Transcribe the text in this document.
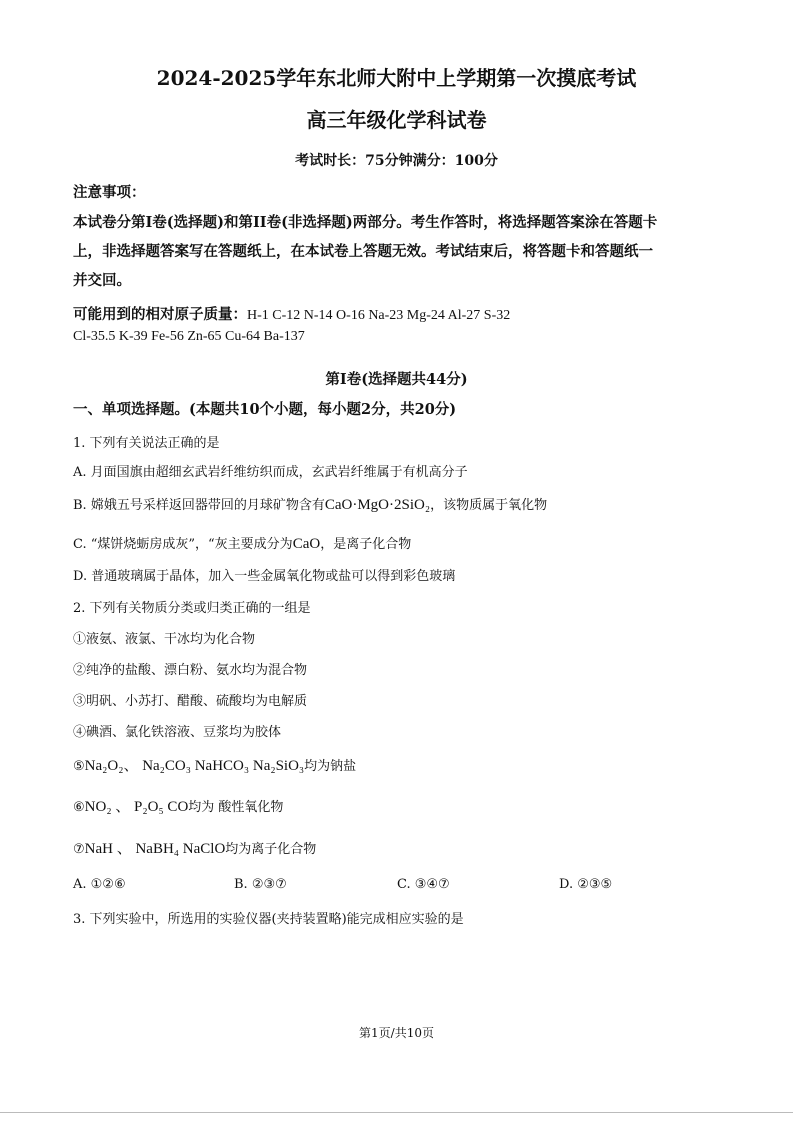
2024-2025学年东北师大附中上学期第一次摸底考试
高三年级化学科试卷
考试时长：75分钟满分：100分
注意事项：
本试卷分第I卷(选择题)和第II卷(非选择题)两部分。考生作答时，将选择题答案涂在答题卡
上，非选择题答案写在答题纸上，在本试卷上答题无效。考试结束后，将答题卡和答题纸一
并交回。
可能用到的相对原子质量：H-1 C-12 N-14 O-16 Na-23 Mg-24 Al-27 S-32
Cl-35.5 K-39 Fe-56 Zn-65 Cu-64 Ba-137
第I卷(选择题共44分)
一、单项选择题。(本题共10个小题，每小题2分，共20分)
1. 下列有关说法正确的是
A. 月面国旗由超细玄武岩纤维纺织而成，玄武岩纤维属于有机高分子
B. 嫦娥五号采样返回器带回的月球矿物含有CaO·MgO·2SiO₂，该物质属于氧化物
C. “煤饼烧蛎房成灰”，“灰主要成分为CaO，是离子化合物
D. 普通玻璃属于晶体，加入一些金属氧化物或盐可以得到彩色玻璃
2. 下列有关物质分类或归类正确的一组是
①液氨、液氯、干冰均为化合物
②纯净的盐酸、漂白粉、氨水均为混合物
③明矾、小苏打、醋酸、硫酸均为电解质
④碘酒、氯化铁溶液、豆浆均为胶体
⑤Na₂O₂、 Na₂CO₃ NaHCO₃ Na₂SiO₃均为钠盐
⑥NO₂ 、 P₂O₅ CO均为 酸性氧化物
⑦NaH 、 NaBH₄ NaClO均为离子化合物
A. ①②⑥	B. ②③⑦	C. ③④⑦	D. ②③⑤
3. 下列实验中，所选用的实验仪器(夹持装置略)能完成相应实验的是
第1页/共10页
